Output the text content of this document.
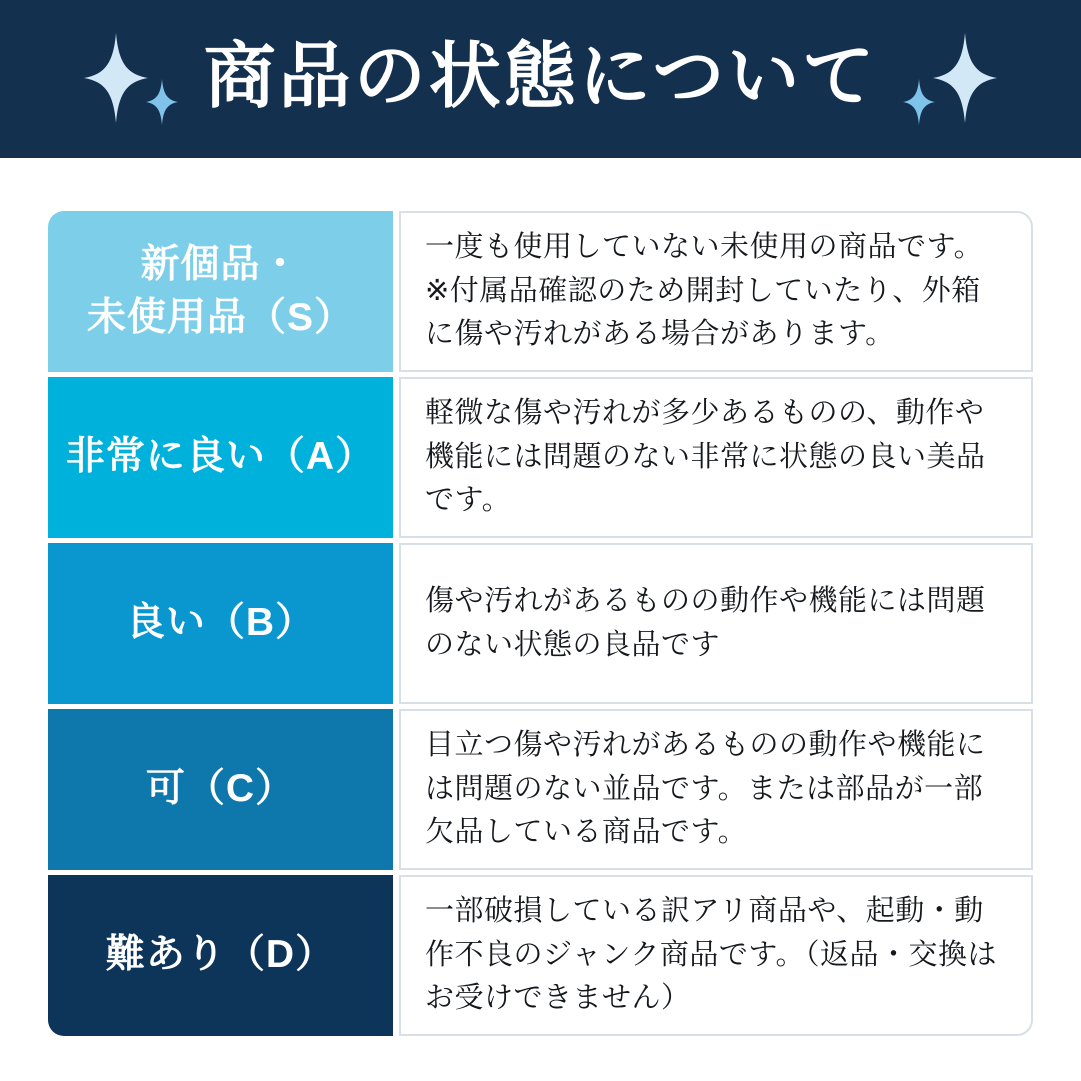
商品の状態について
新個品・
未使用品（S）
一度も使用していない未使用の商品です。※付属品確認のため開封していたり、外箱に傷や汚れがある場合があります。
非常に良い（A）
軽微な傷や汚れが多少あるものの、動作や機能には問題のない非常に状態の良い美品です。
良い（B）
傷や汚れがあるものの動作や機能には問題のない状態の良品です
可（C）
目立つ傷や汚れがあるものの動作や機能には問題のない並品です。または部品が一部欠品している商品です。
難あり（D）
一部破損している訳アリ商品や、起動・動作不良のジャンク商品です。（返品・交換はお受けできません）
